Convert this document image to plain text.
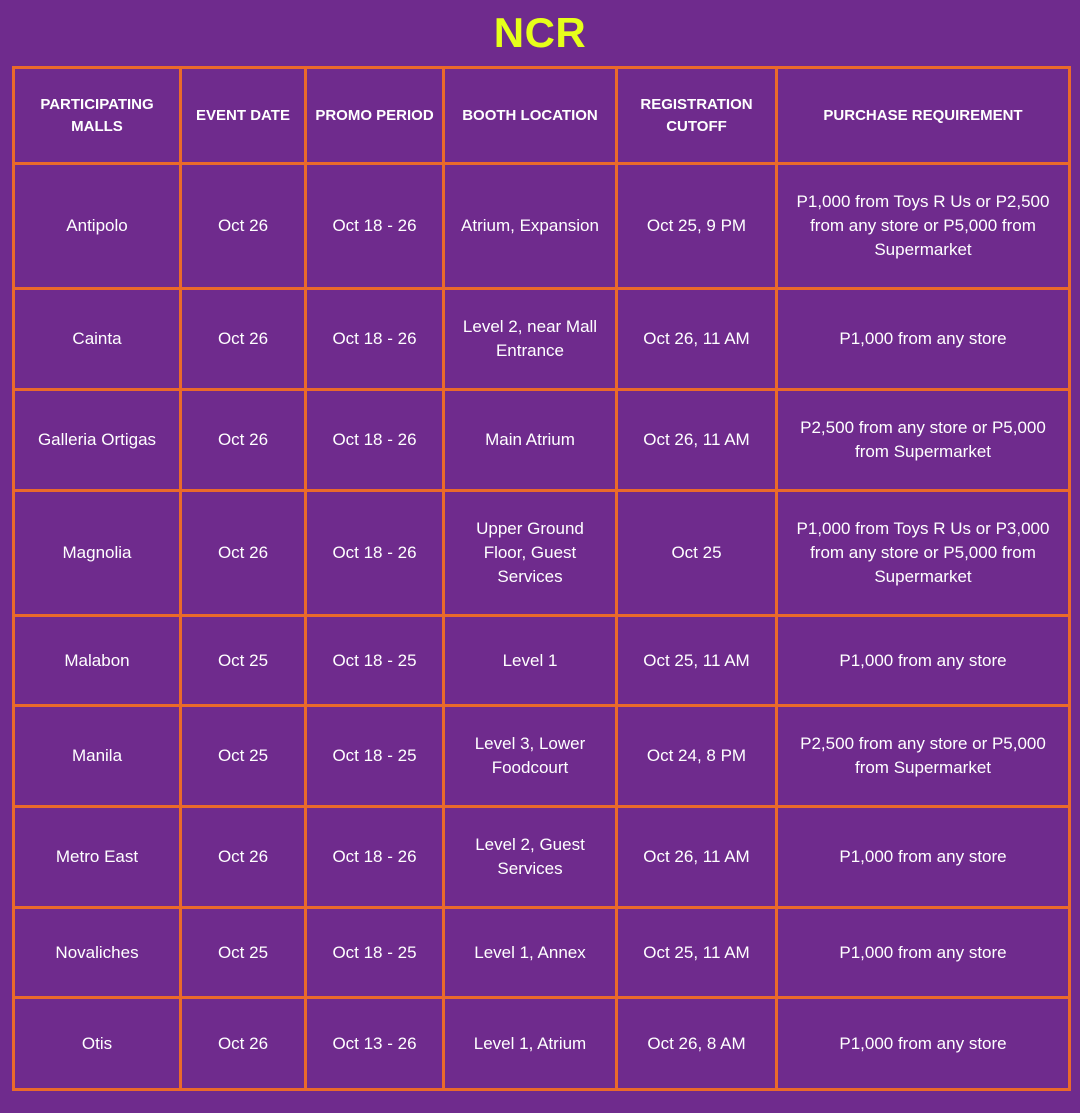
NCR
PARTICIPATING MALLS	EVENT DATE	PROMO PERIOD	BOOTH LOCATION	REGISTRATION CUTOFF	PURCHASE REQUIREMENT
Antipolo	Oct 26	Oct 18 - 26	Atrium, Expansion	Oct 25, 9 PM	P1,000 from Toys R Us or P2,500 from any store or P5,000 from Supermarket
Cainta	Oct 26	Oct 18 - 26	Level 2, near Mall Entrance	Oct 26, 11 AM	P1,000 from any store
Galleria Ortigas	Oct 26	Oct 18 - 26	Main Atrium	Oct 26, 11 AM	P2,500 from any store or P5,000 from Supermarket
Magnolia	Oct 26	Oct 18 - 26	Upper Ground Floor, Guest Services	Oct 25	P1,000 from Toys R Us or P3,000 from any store or P5,000 from Supermarket
Malabon	Oct 25	Oct 18 - 25	Level 1	Oct 25, 11 AM	P1,000 from any store
Manila	Oct 25	Oct 18 - 25	Level 3, Lower Foodcourt	Oct 24, 8 PM	P2,500 from any store or P5,000 from Supermarket
Metro East	Oct 26	Oct 18 - 26	Level 2, Guest Services	Oct 26, 11 AM	P1,000 from any store
Novaliches	Oct 25	Oct 18 - 25	Level 1, Annex	Oct 25, 11 AM	P1,000 from any store
Otis	Oct 26	Oct 13 - 26	Level 1, Atrium	Oct 26, 8 AM	P1,000 from any store
